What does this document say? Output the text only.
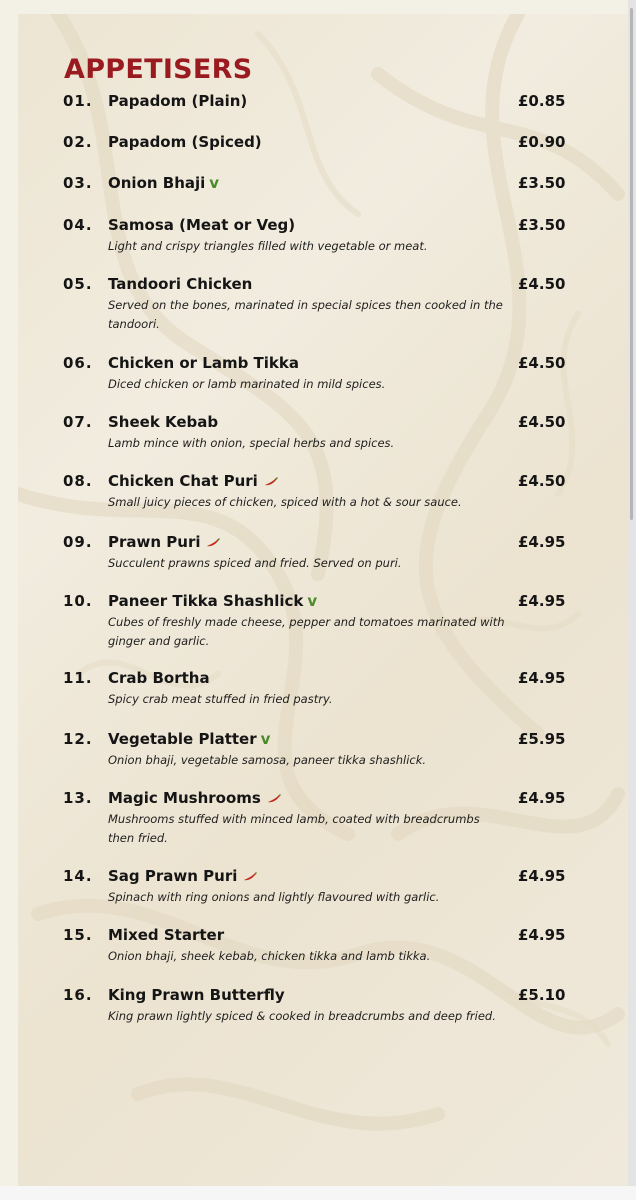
APPETISERS
01. Papadom (Plain)	£0.85
02. Papadom (Spiced)	£0.90
03. Onion Bhaji v	£3.50
04. Samosa (Meat or Veg)	£3.50
Light and crispy triangles filled with vegetable or meat.
05. Tandoori Chicken	£4.50
Served on the bones, marinated in special spices then cooked in the tandoori.
06. Chicken or Lamb Tikka	£4.50
Diced chicken or lamb marinated in mild spices.
07. Sheek Kebab	£4.50
Lamb mince with onion, special herbs and spices.
08. Chicken Chat Puri	£4.50
Small juicy pieces of chicken, spiced with a hot & sour sauce.
09. Prawn Puri	£4.95
Succulent prawns spiced and fried. Served on puri.
10. Paneer Tikka Shashlick v	£4.95
Cubes of freshly made cheese, pepper and tomatoes marinated with ginger and garlic.
11. Crab Bortha	£4.95
Spicy crab meat stuffed in fried pastry.
12. Vegetable Platter v	£5.95
Onion bhaji, vegetable samosa, paneer tikka shashlick.
13. Magic Mushrooms	£4.95
Mushrooms stuffed with minced lamb, coated with breadcrumbs then fried.
14. Sag Prawn Puri	£4.95
Spinach with ring onions and lightly flavoured with garlic.
15. Mixed Starter	£4.95
Onion bhaji, sheek kebab, chicken tikka and lamb tikka.
16. King Prawn Butterfly	£5.10
King prawn lightly spiced & cooked in breadcrumbs and deep fried.
